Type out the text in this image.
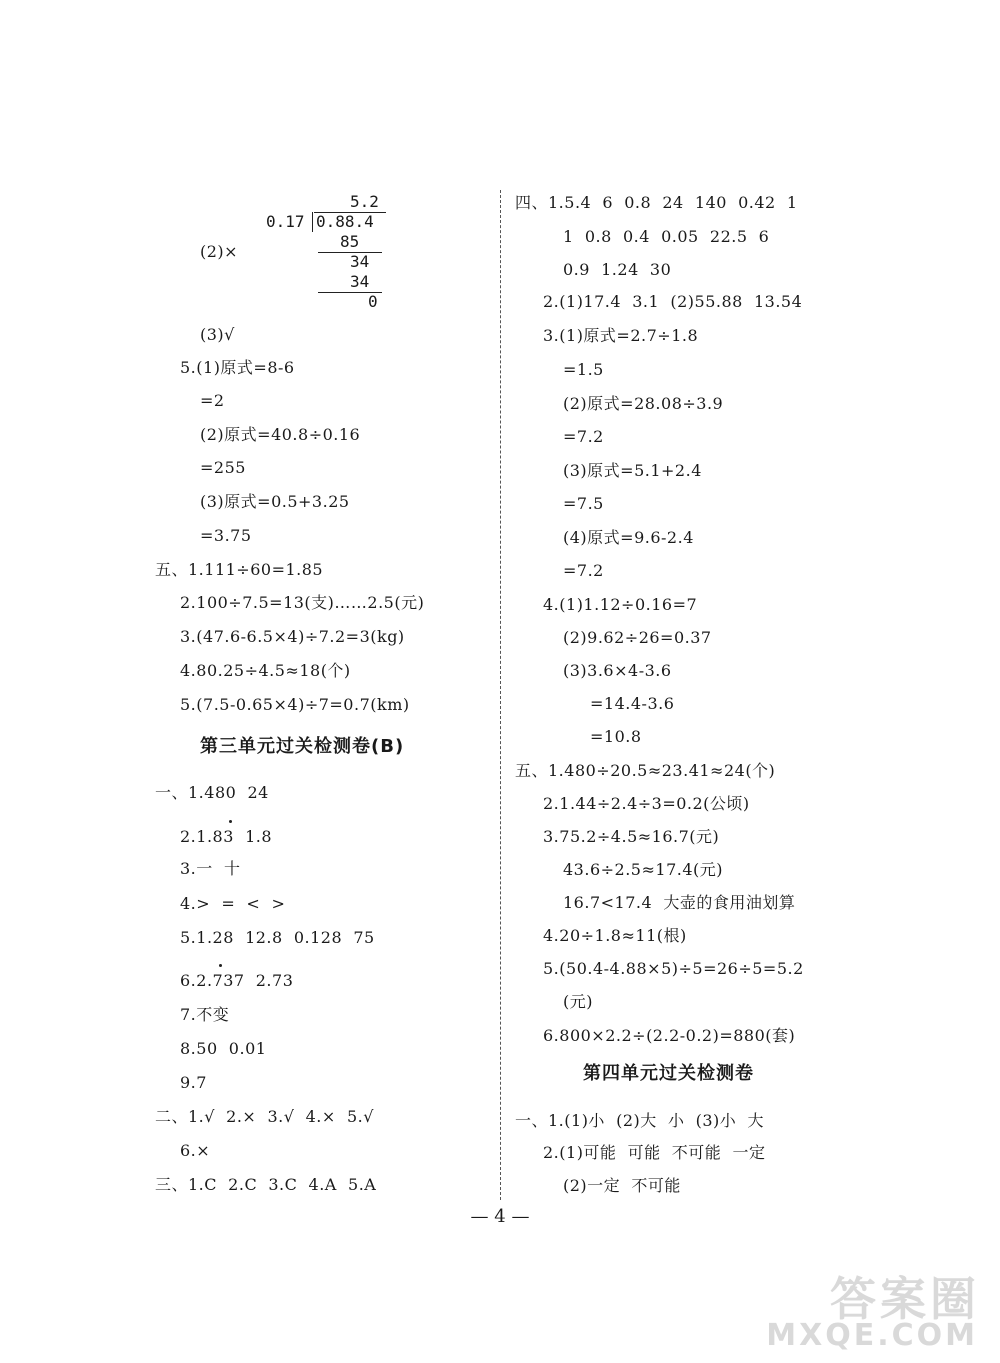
(2)×
(3)√
5.(1)原式=8-6
=2
(2)原式=40.8÷0.16
=255
(3)原式=0.5+3.25
=3.75
五、1.111÷60=1.85
2.100÷7.5=13(支)……2.5(元)
3.(47.6-6.5×4)÷7.2=3(kg)
4.80.25÷4.5≈18(个)
5.(7.5-0.65×4)÷7=0.7(km)
一、1.480  24
2.1.83  1.8
3.一  十
4.>  =  <  >
5.1.28  12.8  0.128  75
6.2.737  2.73
7.不变
8.50  0.01
9.7
二、1.√  2.×  3.√  4.×  5.√
6.×
三、1.C  2.C  3.C  4.A  5.A
四、1.5.4  6  0.8  24  140  0.42  1
1  0.8  0.4  0.05  22.5  6
0.9  1.24  30
2.(1)17.4  3.1  (2)55.88  13.54
3.(1)原式=2.7÷1.8
=1.5
(2)原式=28.08÷3.9
=7.2
(3)原式=5.1+2.4
=7.5
(4)原式=9.6-2.4
=7.2
4.(1)1.12÷0.16=7
(2)9.62÷26=0.37
(3)3.6×4-3.6
=14.4-3.6
=10.8
五、1.480÷20.5≈23.41≈24(个)
2.1.44÷2.4÷3=0.2(公顷)
3.75.2÷4.5≈16.7(元)
43.6÷2.5≈17.4(元)
16.7<17.4  大壶的食用油划算
4.20÷1.8≈11(根)
5.(50.4-4.88×5)÷5=26÷5=5.2
(元)
6.800×2.2÷(2.2-0.2)=880(套)
一、1.(1)小  (2)大  小  (3)小  大
2.(1)可能  可能  不可能  一定
(2)一定  不可能
第三单元过关检测卷(B)
第四单元过关检测卷
5.2
0.17 0.88.4
85
34
34
0
— 4 —
答案圈
MXQE.COM
